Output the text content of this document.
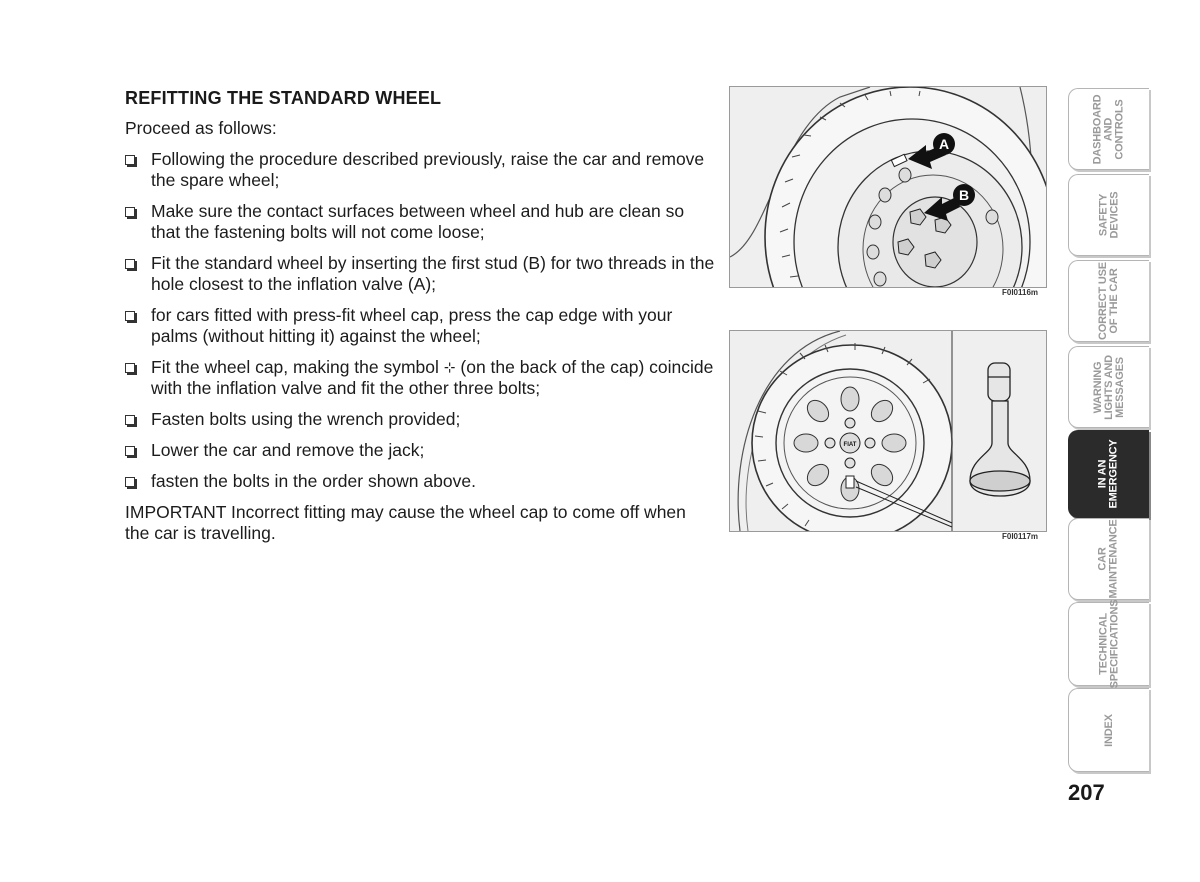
REFITTING THE STANDARD WHEEL

Proceed as follows:

Following the procedure described previously, raise the car and remove the spare wheel;
Make sure the contact surfaces between wheel and hub are clean so that the fastening bolts will not come loose;
Fit the standard wheel by inserting the first stud (B) for two threads in the hole closest to the inflation valve (A);
for cars fitted with press-fit wheel cap, press the cap edge with your palms (without hitting it) against the wheel;
Fit the wheel cap, making the symbol ⊹ (on the back of the cap) coincide with the inflation valve and fit the other three bolts;
Fasten bolts using the wrench provided;
Lower the car and remove the jack;
fasten the bolts in the order shown above.

IMPORTANT Incorrect fitting may cause the wheel cap to come off when the car is travelling.

A
B
F0I0116m
FIAT
F0I0117m
DASHBOARD
AND
CONTROLS
SAFETY
DEVICES
CORRECT USE
OF THE CAR
WARNING
LIGHTS AND
MESSAGES
IN AN
EMERGENCY
CAR
MAINTENANCE
TECHNICAL
SPECIFICATIONS
INDEX
207
